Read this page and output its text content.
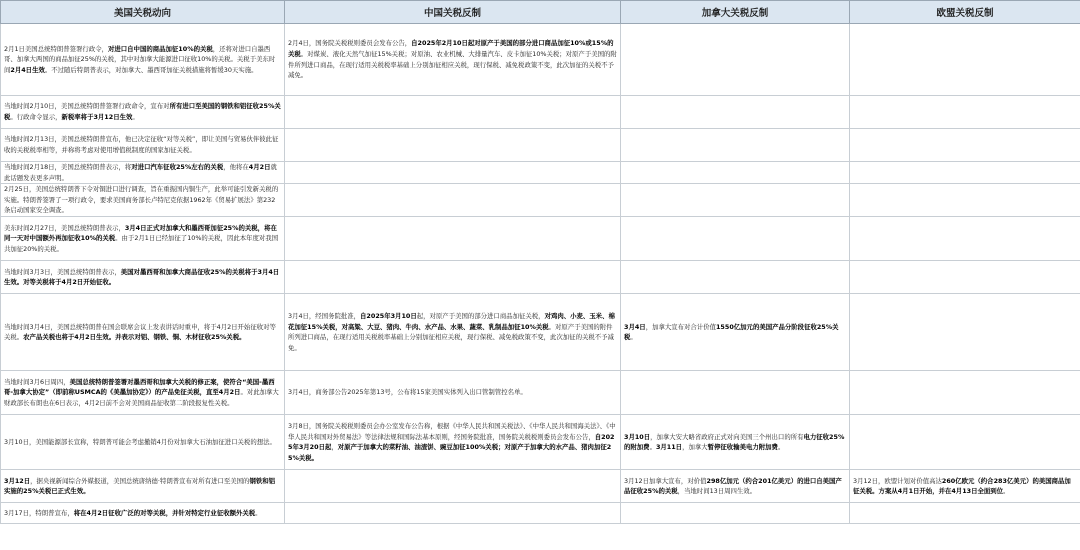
美国关税动向	中国关税反制	加拿大关税反制	欧盟关税反制
2月1日美国总统特朗普签署行政令，对进口自中国的商品加征10%的关税，还将对进口自墨西哥、加拿大两国的商品加征25%的关税，其中对加拿大能源进口征收10%的关税。关税于美东时间2月4日生效。不过随后特朗普表示，对加拿大、墨西哥加征关税措施将暂缓30天实施。	2月4日，国务院关税税则委员会发布公告，自2025年2月10日起对原产于美国的部分进口商品加征10%或15%的关税。对煤炭、液化天然气加征15%关税；对原油、农业机械、大排量汽车、皮卡加征10%关税；对原产于美国的附件所列进口商品，在现行适用关税税率基础上分别加征相应关税，现行保税、减免税政策不变，此次加征的关税不予减免。		
当地时间2月10日，美国总统特朗普签署行政命令，宣布对所有进口至美国的钢铁和铝征收25%关税。行政命令显示，新税率将于3月12日生效。			
当地时间2月13日，美国总统特朗普宣布，他已决定征收“对等关税”，即让美国与贸易伙伴彼此征收的关税税率相等，并称将考虑对使用增值税制度的国家加征关税。			
当地时间2月18日，美国总统特朗普表示，将对进口汽车征收25%左右的关税，他将在4月2日就此话题发表更多声明。			
2月25日，美国总统特朗普下令对铜进口进行调查，旨在重振国内铜生产，此举可能引发新关税的实施。特朗普签署了一项行政令，要求美国商务部长卢特尼克依据1962年《贸易扩展法》第232条启动国家安全调查。			
美东时间2月27日，美国总统特朗普表示，3月4日正式对加拿大和墨西哥加征25%的关税，将在同一天对中国额外再加征收10%的关税。由于2月1日已经加征了10%的关税，因此本年度对我国共加征20%的关税。			
当地时间3月3日，美国总统特朗普表示，美国对墨西哥和加拿大商品征收25%的关税将于3月4日生效。对等关税将于4月2日开始征收。			
当地时间3月4日，美国总统特朗普在国会联席会议上发表讲话时重申，将于4月2日开始征收对等关税。农产品关税也将于4月2日生效。并表示对铝、钢铁、铜、木材征收25%关税。	3月4日，经国务院批准，自2025年3月10日起，对原产于美国的部分进口商品加征关税，对鸡肉、小麦、玉米、棉花加征15%关税，对高粱、大豆、猪肉、牛肉、水产品、水果、蔬菜、乳制品加征10%关税。对原产于美国的附件所列进口商品，在现行适用关税税率基础上分别加征相应关税，现行保税、减免税政策不变，此次加征的关税不予减免。	3月4日，加拿大宣布对合计价值1550亿加元的美国产品分阶段征收25%关税。	
当地时间3月6日周四，美国总统特朗普签署对墨西哥和加拿大关税的修正案，使符合“美国-墨西哥-加拿大协定”（即前称USMCA的《美墨加协定》）的产品免征关税，直至4月2日。对此加拿大财政部长布朗也在6日表示，4月2日前不会对美国商品征收第二阶段报复性关税。	3月4日，商务部公告2025年第13号，公布将15家美国实体列入出口管制管控名单。		
3月10日，美国能源部长宣称，特朗普可能会考虑撤销4月份对加拿大石油加征进口关税的想法。	3月8日，国务院关税税则委员会办公室发布公告称，根据《中华人民共和国关税法》、《中华人民共和国海关法》、《中华人民共和国对外贸易法》等法律法规和国际法基本原则，经国务院批准，国务院关税税则委员会发布公告，自2025年3月20日起，对原产于加拿大的菜籽油、油渣饼、豌豆加征100%关税；对原产于加拿大的水产品、猪肉加征25%关税。	3月10日，加拿大安大略省政府正式对向美国三个州出口的所有电力征收25%的附加费。3月11日，加拿大暂停征收输美电力附加费。	
3月12日，据央视新闻综合外媒报道，美国总统唐纳德·特朗普宣布对所有进口至美国的钢铁和铝实施的25%关税已正式生效。		3月12日加拿大宣布，对价值298亿加元（约合201亿美元）的进口自美国产品征收25%的关税，当地时间13日周四生效。	3月12日，欧盟计划对价值高达260亿欧元（约合283亿美元）的美国商品加征关税。方案从4月1日开始，并在4月13日全面到位。
3月17日，特朗普宣布，将在4月2日征收广泛的对等关税，并针对特定行业征收额外关税。			
